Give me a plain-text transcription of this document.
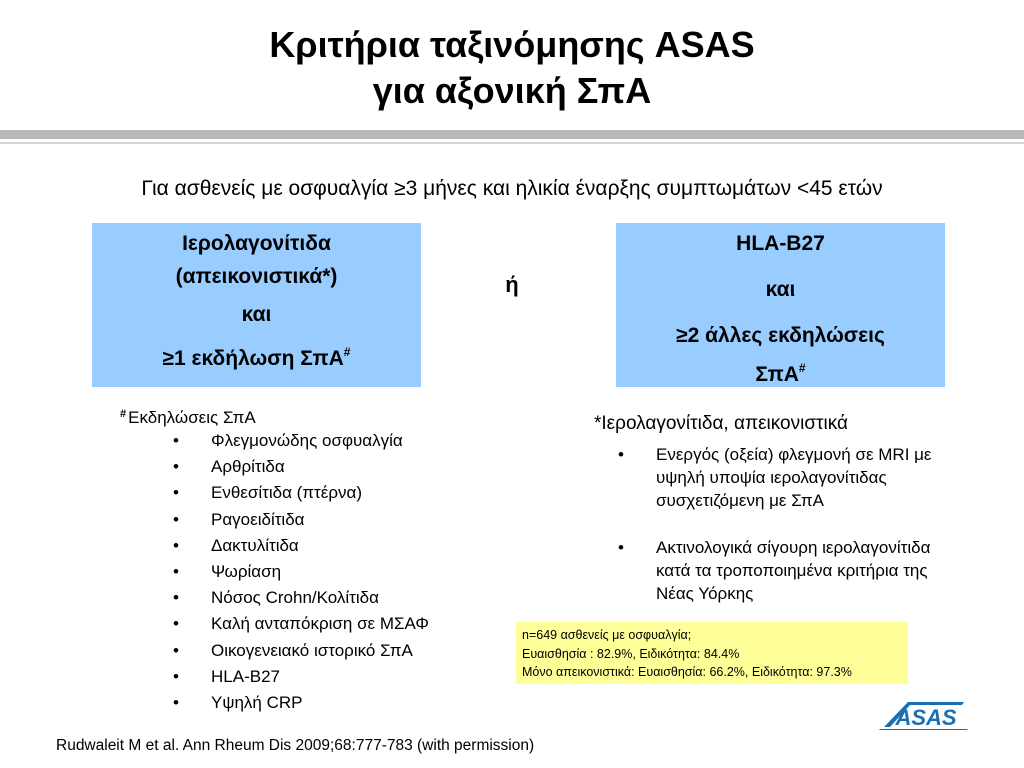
Κριτήρια ταξινόμησης ASAS
για αξονική ΣπΑ
Για ασθενείς με οσφυαλγία ≥3 μήνες και ηλικία έναρξης συμπτωμάτων <45 ετών
Ιερολαγονίτιδα
(απεικονιστικά*)
και
≥1 εκδήλωση ΣπΑ#
ή
HLA-B27
και
≥2 άλλες εκδηλώσεις
ΣπΑ#
# Εκδηλώσεις ΣπΑ
• Φλεγμονώδης οσφυαλγία
• Αρθρίτιδα
• Ενθεσίτιδα (πτέρνα)
• Ραγοειδίτιδα
• Δακτυλίτιδα
• Ψωρίαση
• Νόσος Crohn/Κολίτιδα
• Καλή ανταπόκριση σε ΜΣΑΦ
• Οικογενειακό ιστορικό ΣπΑ
• HLA-B27
• Υψηλή CRP
*Ιερολαγονίτιδα, απεικονιστικά
• Ενεργός (οξεία) φλεγμονή σε MRI με
υψηλή υποψία ιερολαγονίτιδας
συσχετιζόμενη με ΣπΑ
• Ακτινολογικά σίγουρη ιερολαγονίτιδα
κατά τα τροποποιημένα κριτήρια της
Νέας Υόρκης
n=649 ασθενείς με οσφυαλγία;
Ευαισθησία : 82.9%, Ειδικότητα: 84.4%
Μόνο απεικονιστικά: Ευαισθησία: 66.2%, Ειδικότητα: 97.3%
ASAS
Rudwaleit M et al. Ann Rheum Dis 2009;68:777-783 (with permission)
